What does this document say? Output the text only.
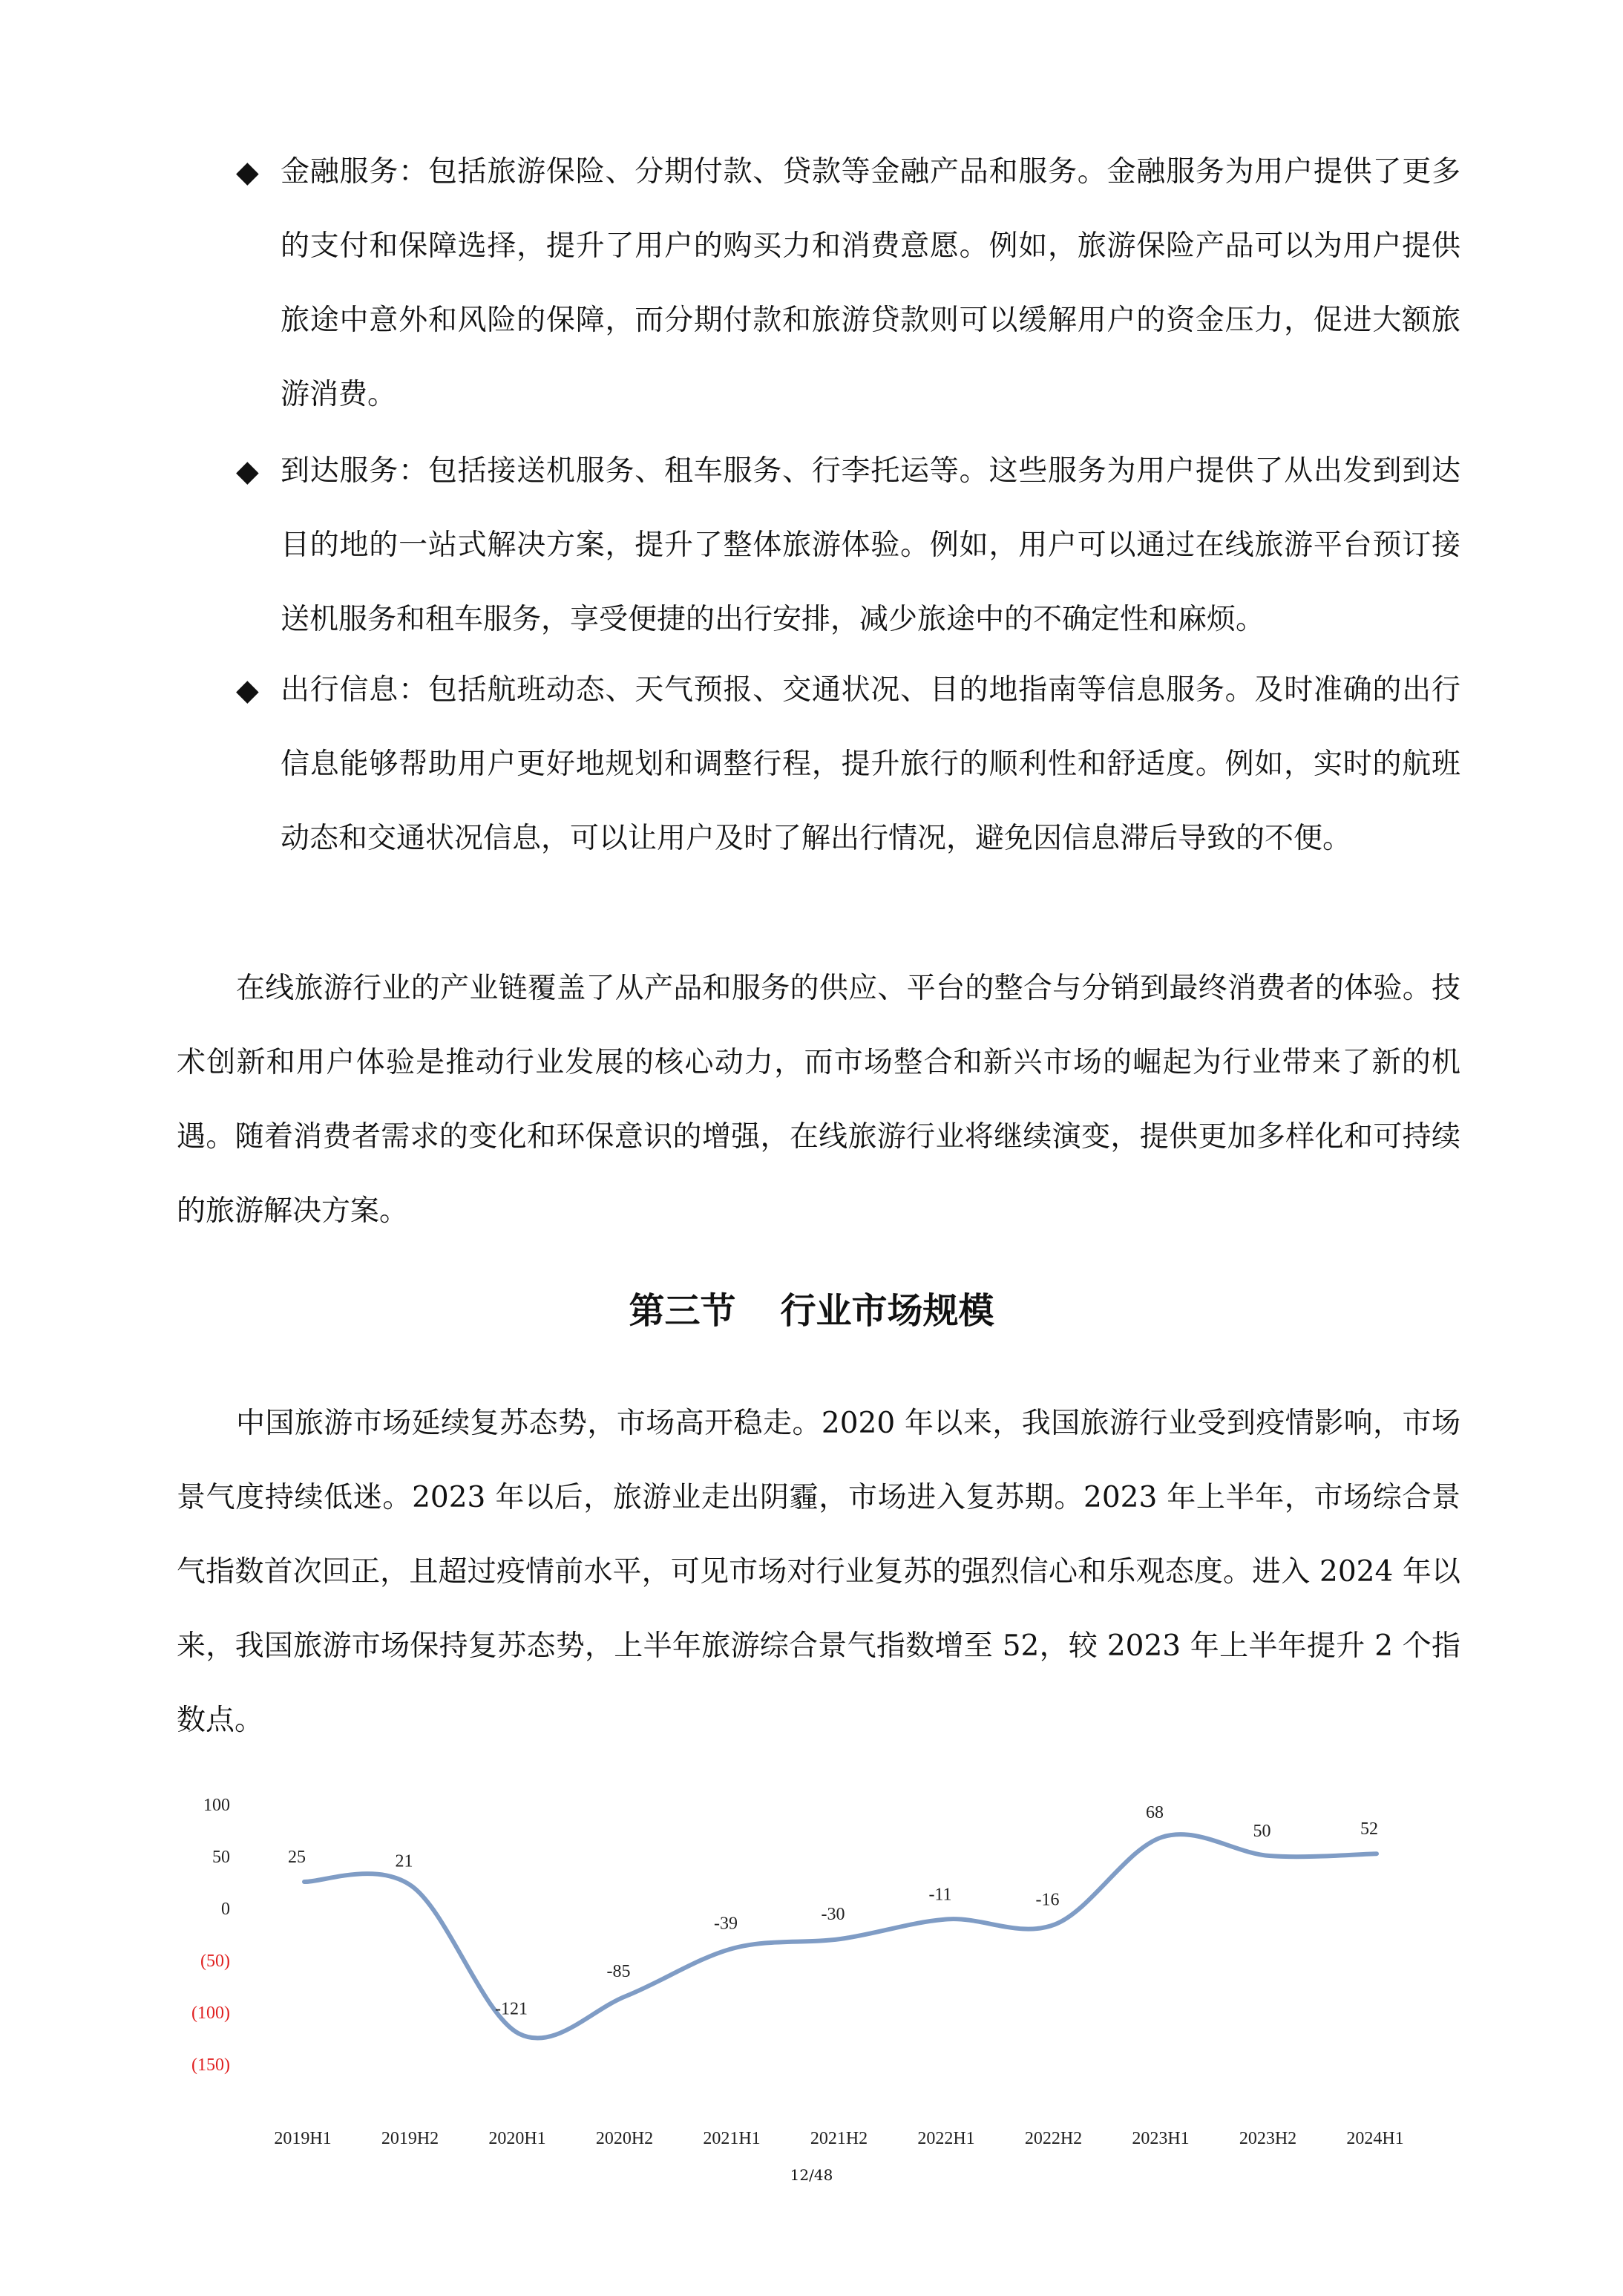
◆ 金融服务：包括旅游保险、分期付款、贷款等金融产品和服务。金融服务为用户提供了更多的支付和保障选择，提升了用户的购买力和消费意愿。例如，旅游保险产品可以为用户提供旅途中意外和风险的保障，而分期付款和旅游贷款则可以缓解用户的资金压力，促进大额旅游消费。
◆ 到达服务：包括接送机服务、租车服务、行李托运等。这些服务为用户提供了从出发到到达目的地的一站式解决方案，提升了整体旅游体验。例如，用户可以通过在线旅游平台预订接送机服务和租车服务，享受便捷的出行安排，减少旅途中的不确定性和麻烦。
◆ 出行信息：包括航班动态、天气预报、交通状况、目的地指南等信息服务。及时准确的出行信息能够帮助用户更好地规划和调整行程，提升旅行的顺利性和舒适度。例如，实时的航班动态和交通状况信息，可以让用户及时了解出行情况，避免因信息滞后导致的不便。
在线旅游行业的产业链覆盖了从产品和服务的供应、平台的整合与分销到最终消费者的体验。技术创新和用户体验是推动行业发展的核心动力，而市场整合和新兴市场的崛起为行业带来了新的机遇。随着消费者需求的变化和环保意识的增强，在线旅游行业将继续演变，提供更加多样化和可持续的旅游解决方案。
第三节 行业市场规模
中国旅游市场延续复苏态势，市场高开稳走。2020 年以来，我国旅游行业受到疫情影响，市场景气度持续低迷。2023 年以后，旅游业走出阴霾，市场进入复苏期。2023 年上半年，市场综合景气指数首次回正，且超过疫情前水平，可见市场对行业复苏的强烈信心和乐观态度。进入 2024 年以来，我国旅游市场保持复苏态势，上半年旅游综合景气指数增至 52，较 2023 年上半年提升 2 个指数点。
100
50
0
(50)
(100)
(150)
25	21
-121
-85
-39	-30
-11	-16
68
50	52
2019H1	2019H2	2020H1	2020H2	2021H1	2021H2	2022H1	2022H2	2023H1	2023H2	2024H1
12/48
